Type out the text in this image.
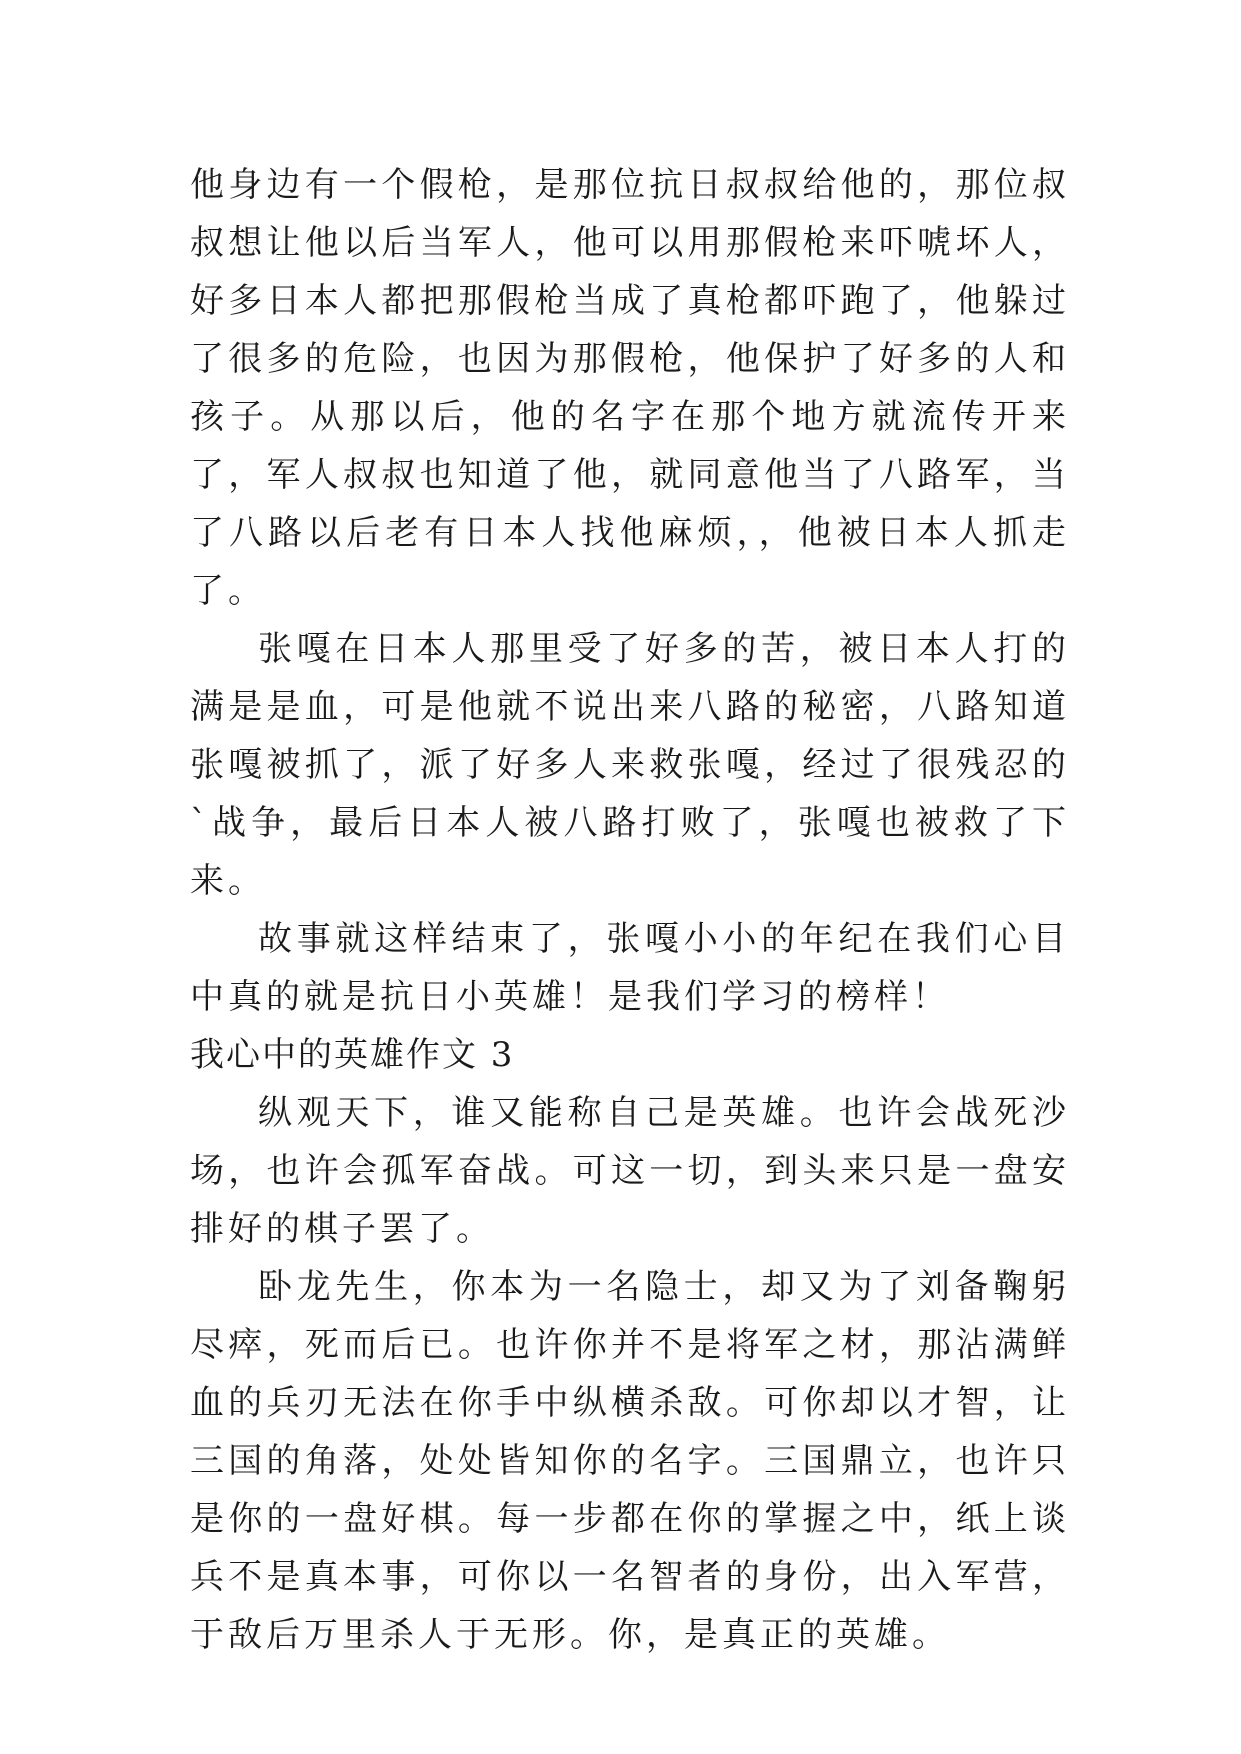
他身边有一个假枪，是那位抗日叔叔给他的，那位叔叔想让他以后当军人，他可以用那假枪来吓唬坏人，好多日本人都把那假枪当成了真枪都吓跑了，他躲过了很多的危险，也因为那假枪，他保护了好多的人和孩子。从那以后，他的名字在那个地方就流传开来了，军人叔叔也知道了他，就同意他当了八路军，当了八路以后老有日本人找他麻烦，，他被日本人抓走了。

张嘎在日本人那里受了好多的苦，被日本人打的满是是血，可是他就不说出来八路的秘密，八路知道张嘎被抓了，派了好多人来救张嘎，经过了很残忍的`战争，最后日本人被八路打败了，张嘎也被救了下来。

故事就这样结束了，张嘎小小的年纪在我们心目中真的就是抗日小英雄！是我们学习的榜样！

我心中的英雄作文 3

纵观天下，谁又能称自己是英雄。也许会战死沙场，也许会孤军奋战。可这一切，到头来只是一盘安排好的棋子罢了。

卧龙先生，你本为一名隐士，却又为了刘备鞠躬尽瘁，死而后已。也许你并不是将军之材，那沾满鲜血的兵刃无法在你手中纵横杀敌。可你却以才智，让三国的角落，处处皆知你的名字。三国鼎立，也许只是你的一盘好棋。每一步都在你的掌握之中，纸上谈兵不是真本事，可你以一名智者的身份，出入军营，于敌后万里杀人于无形。你，是真正的英雄。
